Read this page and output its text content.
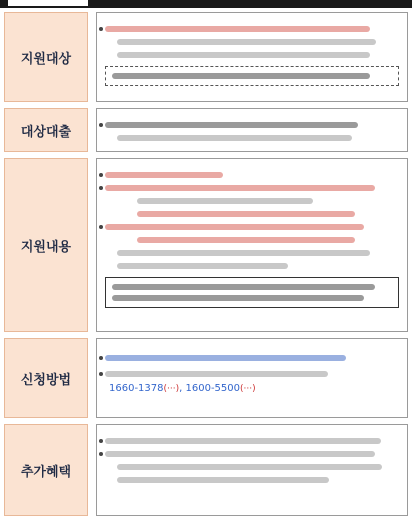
지원대상
대상대출
지원내용
신청방법
1660-1378(···), 1600-5500(···)
추가혜택
